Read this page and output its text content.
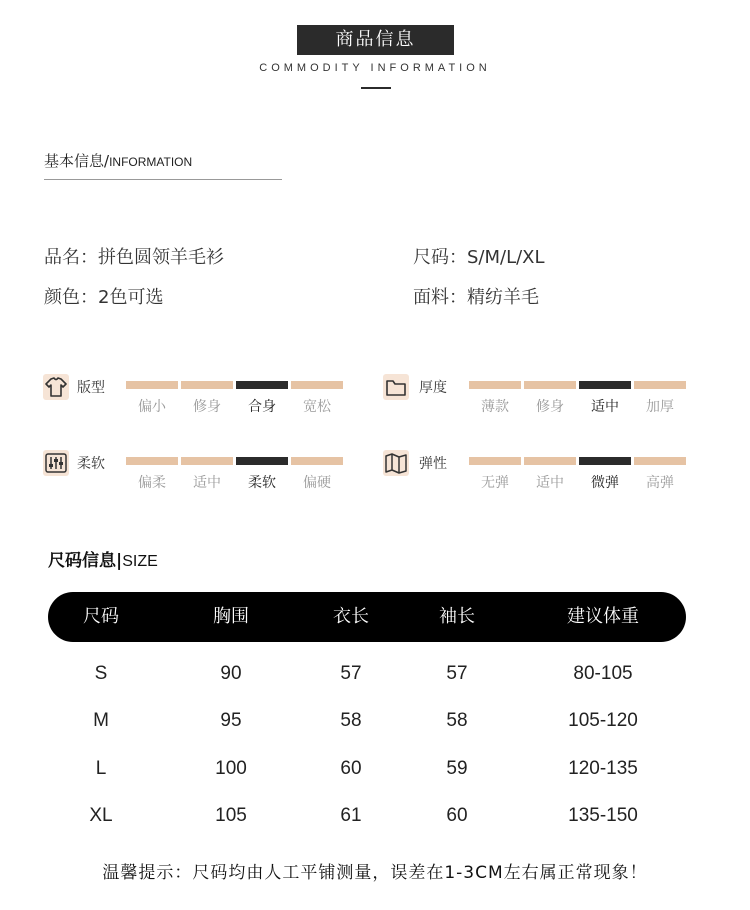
商品信息
COMMODITY INFORMATION
基本信息/INFORMATION
品名：拼色圆领羊毛衫	尺码：S/M/L/XL
颜色：2色可选	面料：精纺羊毛
版型
偏小	修身	合身	宽松
厚度
薄款	修身	适中	加厚
柔软
偏柔	适中	柔软	偏硬
弹性
无弹	适中	微弹	高弹
尺码信息|SIZE
尺码	胸围	衣长	袖长	建议体重
S	90	57	57	80-105
M	95	58	58	105-120
L	100	60	59	120-135
XL	105	61	60	135-150
温馨提示：尺码均由人工平铺测量，误差在1-3CM左右属正常现象！
